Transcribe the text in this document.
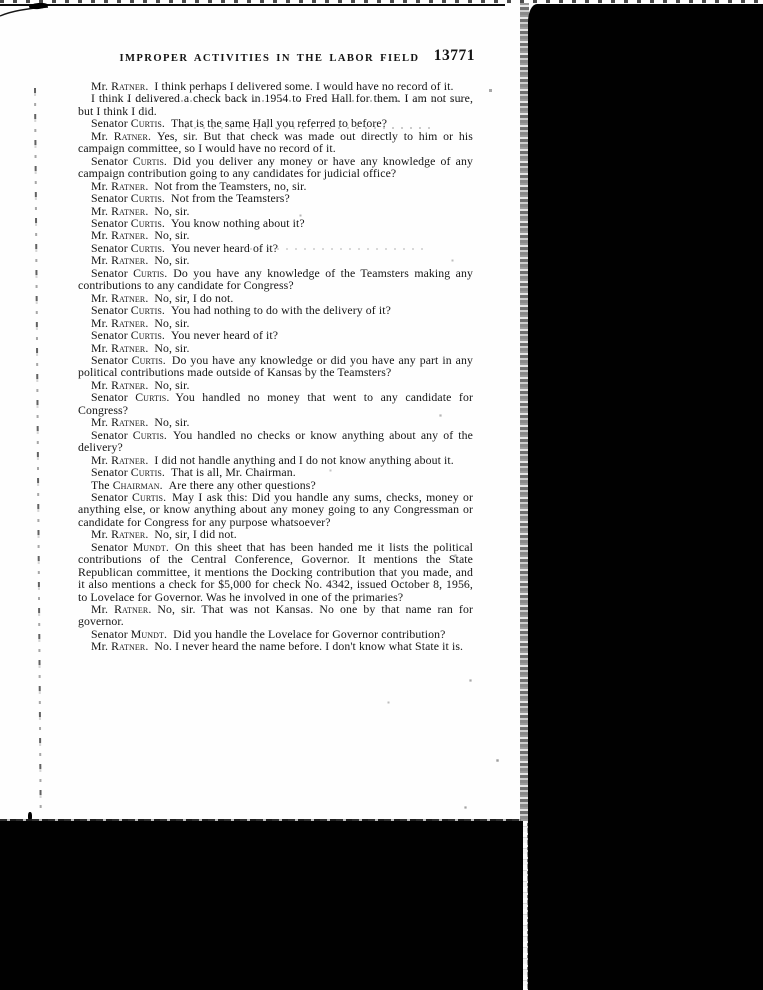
IMPROPER ACTIVITIES IN THE LABOR FIELD 13771

Mr. Ratner. I think perhaps I delivered some. I would have no record of it.

I think I delivered a check back in 1954 to Fred Hall for them. I am not sure, but I think I did.

Senator Curtis. That is the same Hall you referred to before?

Mr. Ratner. Yes, sir. But that check was made out directly to him or his campaign committee, so I would have no record of it.

Senator Curtis. Did you deliver any money or have any knowledge of any campaign contribution going to any candidates for judicial office?

Mr. Ratner. Not from the Teamsters, no, sir.

Senator Curtis. Not from the Teamsters?

Mr. Ratner. No, sir.

Senator Curtis. You know nothing about it?

Mr. Ratner. No, sir.

Senator Curtis. You never heard of it?

Mr. Ratner. No, sir.

Senator Curtis. Do you have any knowledge of the Teamsters making any contributions to any candidate for Congress?

Mr. Ratner. No, sir, I do not.

Senator Curtis. You had nothing to do with the delivery of it?

Mr. Ratner. No, sir.

Senator Curtis. You never heard of it?

Mr. Ratner. No, sir.

Senator Curtis. Do you have any knowledge or did you have any part in any political contributions made outside of Kansas by the Teamsters?

Mr. Ratner. No, sir.

Senator Curtis. You handled no money that went to any candidate for Congress?

Mr. Ratner. No, sir.

Senator Curtis. You handled no checks or know anything about any of the delivery?

Mr. Ratner. I did not handle anything and I do not know anything about it.

Senator Curtis. That is all, Mr. Chairman.

The Chairman. Are there any other questions?

Senator Curtis. May I ask this: Did you handle any sums, checks, money or anything else, or know anything about any money going to any Congressman or candidate for Congress for any purpose whatsoever?

Mr. Ratner. No, sir, I did not.

Senator Mundt. On this sheet that has been handed me it lists the political contributions of the Central Conference, Governor. It mentions the State Republican committee, it mentions the Docking contribution that you made, and it also mentions a check for $5,000 for check No. 4342, issued October 8, 1956, to Lovelace for Governor. Was he involved in one of the primaries?

Mr. Ratner. No, sir. That was not Kansas. No one by that name ran for governor.

Senator Mundt. Did you handle the Lovelace for Governor contribution?

Mr. Ratner. No. I never heard the name before. I don't know what State it is.
